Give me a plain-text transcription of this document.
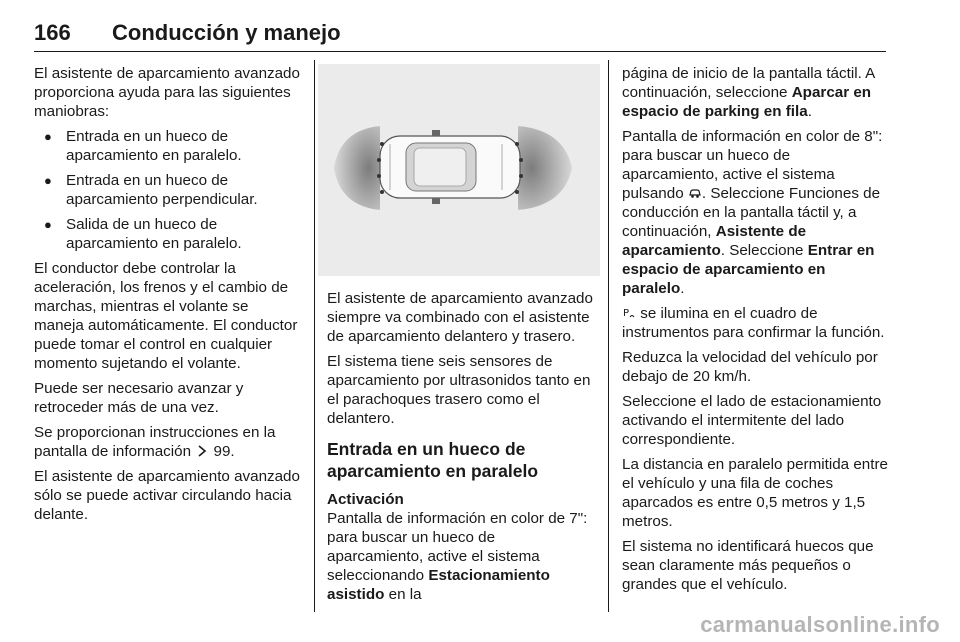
166 Conducción y manejo

El asistente de aparcamiento avanzado proporciona ayuda para las siguientes maniobras:

● Entrada en un hueco de aparcamiento en paralelo.
● Entrada en un hueco de aparcamiento perpendicular.
● Salida de un hueco de aparcamiento en paralelo.

El conductor debe controlar la aceleración, los frenos y el cambio de marchas, mientras el volante se maneja automáticamente. El conductor puede tomar el control en cualquier momento sujetando el volante.

Puede ser necesario avanzar y retroceder más de una vez.

Se proporcionan instrucciones en la pantalla de información 99.

El asistente de aparcamiento avanzado sólo se puede activar circulando hacia delante.

El asistente de aparcamiento avanzado siempre va combinado con el asistente de aparcamiento delantero y trasero.

El sistema tiene seis sensores de aparcamiento por ultrasonidos tanto en el parachoques trasero como el delantero.

Entrada en un hueco de aparcamiento en paralelo
Activación

Pantalla de información en color de 7": para buscar un hueco de aparcamiento, active el sistema seleccionando Estacionamiento asistido en la

página de inicio de la pantalla táctil. A continuación, seleccione Aparcar en espacio de parking en fila.

Pantalla de información en color de 8": para buscar un hueco de aparcamiento, active el sistema pulsando . Seleccione Funciones de conducción en la pantalla táctil y, a continuación, Asistente de aparcamiento. Seleccione Entrar en espacio de aparcamiento en paralelo.

P se ilumina en el cuadro de instrumentos para confirmar la función.

Reduzca la velocidad del vehículo por debajo de 20 km/h.

Seleccione el lado de estacionamiento activando el intermitente del lado correspondiente.

La distancia en paralelo permitida entre el vehículo y una fila de coches aparcados es entre 0,5 metros y 1,5 metros.

El sistema no identificará huecos que sean claramente más pequeños o grandes que el vehículo.

carmanualsonline.info
